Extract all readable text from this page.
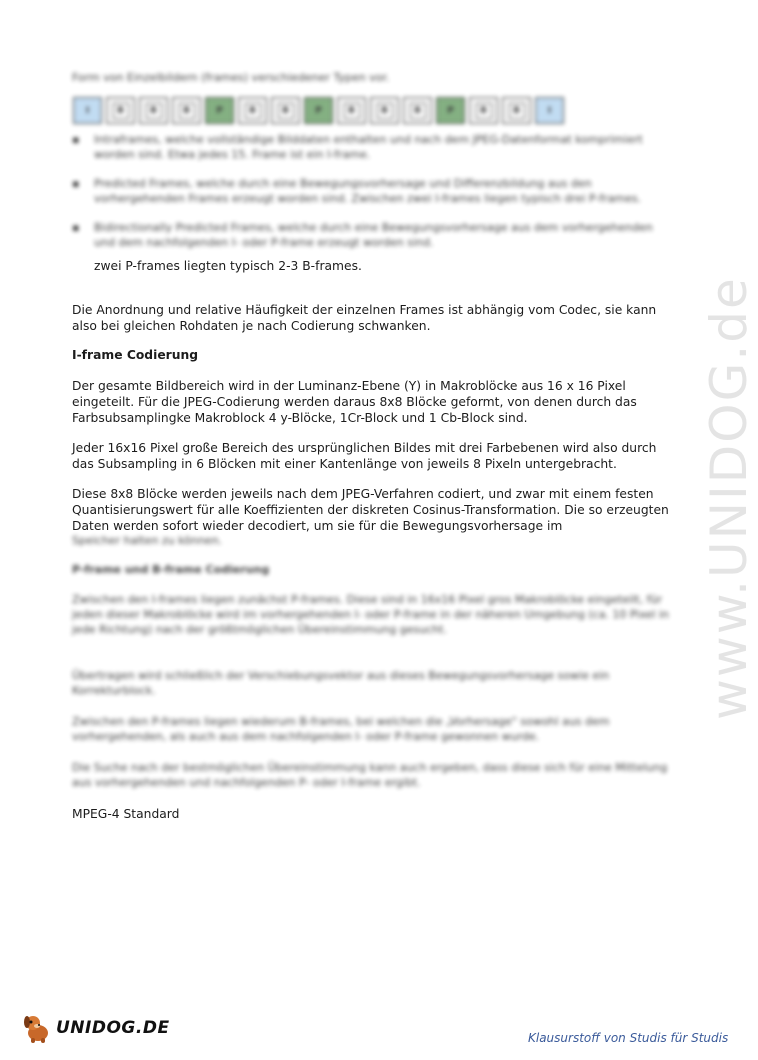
www.UNIDOG.de
Form von Einzelbildern (frames) verschiedener Typen vor.
I	B	B	B	P	B	B	P	B	B	B	P	B	B	I
▪ Intraframes, welche vollständige Bilddaten enthalten und nach dem JPEG-Datenformat komprimiert worden sind. Etwa jedes 15. Frame ist ein I-frame.
▪ Predicted Frames, welche durch eine Bewegungsvorhersage und Differenzbildung aus den vorhergehenden Frames erzeugt worden sind. Zwischen zwei I-frames liegen typisch drei P-frames.
▪ Bidirectionally Predicted Frames, welche durch eine Bewegungsvorhersage aus dem vorhergehenden und dem nachfolgenden I- oder P-frame erzeugt worden sind.
zwei P-frames liegten typisch 2-3 B-frames.
Die Anordnung und relative Häufigkeit der einzelnen Frames ist abhängig vom Codec, sie kann also bei gleichen Rohdaten je nach Codierung schwanken.
I-frame Codierung
Der gesamte Bildbereich wird in der Luminanz-Ebene (Y) in Makroblöcke aus 16 x 16 Pixel eingeteilt. Für die JPEG-Codierung werden daraus 8x8 Blöcke geformt, von denen durch das Farbsubsamplingke Makroblock 4 y-Blöcke, 1Cr-Block und 1 Cb-Block sind.
Jeder 16x16 Pixel große Bereich des ursprünglichen Bildes mit drei Farbebenen wird also durch das Subsampling in 6 Blöcken mit einer Kantenlänge von jeweils 8 Pixeln untergebracht.
Diese 8x8 Blöcke werden jeweils nach dem JPEG-Verfahren codiert, und zwar mit einem festen Quantisierungswert für alle Koeffizienten der diskreten Cosinus-Transformation. Die so erzeugten Daten werden sofort wieder decodiert, um sie für die Bewegungsvorhersage im
Speicher halten zu können.
P-frame und B-frame Codierung
Zwischen den I-frames liegen zunächst P-frames. Diese sind in 16x16 Pixel gros Makroblöcke eingeteilt, für jeden dieser Makroblöcke wird im vorhergehenden I- oder P-frame in der näheren Umgebung (ca. 10 Pixel in jede Richtung) nach der größtmöglichen Übereinstimmung gesucht.
Übertragen wird schließlich der Verschiebungsvektor aus dieses Bewegungsvorhersage sowie ein Korrekturblock.
Zwischen den P-frames liegen wiederum B-frames, bei welchen die „Vorhersage" sowohl aus dem vorhergehenden, als auch aus dem nachfolgenden I- oder P-frame gewonnen wurde.
Die Suche nach der bestmöglichen Übereinstimmung kann auch ergeben, dass diese sich für eine Mittelung aus vorhergehenden und nachfolgenden P- oder I-frame ergibt.
MPEG-4 Standard
UNIDOG.DE	Klausurstoff von Studis für Studis
